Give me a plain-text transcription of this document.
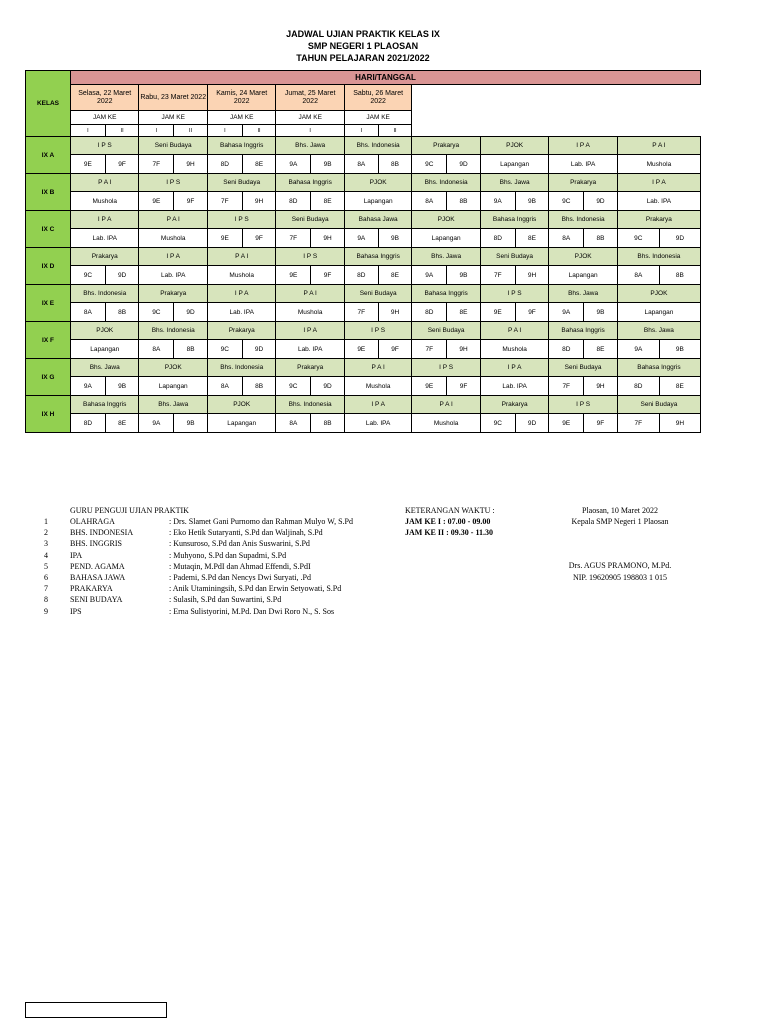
JADWAL UJIAN PRAKTIK KELAS IX
SMP NEGERI 1 PLAOSAN
TAHUN PELAJARAN 2021/2022
KELAS	HARI/TANGGAL																	
	Selasa, 22 Maret 2022		Rabu, 23 Maret 2022		Kamis, 24 Maret 2022		Jumat, 25 Maret 2022		Sabtu, 26 Maret 2022									
	JAM KE		JAM KE		JAM KE		JAM KE		JAM KE									
	I	II	I	II	I	II	I		I	II								
IX A	I P S		Seni Budaya		Bahasa Inggris		Bhs. Jawa		Bhs. Indonesia		Prakarya		PJOK		I P A		P A I	
	9E	9F	7F	9H	8D	8E	9A	9B	8A	8B	9C	9D	Lapangan		Lab. IPA		Mushola	
IX B	P A I		I P S		Seni Budaya		Bahasa Inggris		PJOK		Bhs. Indonesia		Bhs. Jawa		Prakarya		I P A	
	Mushola		9E	9F	7F	9H	8D	8E	Lapangan		8A	8B	9A	9B	9C	9D	Lab. IPA	
IX C	I P A		P A I		I P S		Seni Budaya		Bahasa Jawa		PJOK		Bahasa Inggris		Bhs. Indonesia		Prakarya	
	Lab. IPA		Mushola		9E	9F	7F	9H	9A	9B	Lapangan		8D	8E	8A	8B	9C	9D
IX D	Prakarya		I P A		P A I		I P S		Bahasa Inggris		Bhs. Jawa		Seni Budaya		PJOK		Bhs. Indonesia	
	9C	9D	Lab. IPA		Mushola		9E	9F	8D	8E	9A	9B	7F	9H	Lapangan		8A	8B
IX E	Bhs. Indonesia		Prakarya		I P A		P A I		Seni Budaya		Bahasa Inggris		I P S		Bhs. Jawa		PJOK	
	8A	8B	9C	9D	Lab. IPA		Mushola		7F	9H	8D	8E	9E	9F	9A	9B	Lapangan	
IX F	PJOK		Bhs. Indonesia		Prakarya		I P A		I P S		Seni Budaya		P A I		Bahasa Inggris		Bhs. Jawa	
	Lapangan		8A	8B	9C	9D	Lab. IPA		9E	9F	7F	9H	Mushola		8D	8E	9A	9B
IX G	Bhs. Jawa		PJOK		Bhs. Indonesia		Prakarya		P A I		I P S		I P A		Seni Budaya		Bahasa Inggris	
	9A	9B	Lapangan		8A	8B	9C	9D	Mushola		9E	9F	Lab. IPA		7F	9H	8D	8E
IX H	Bahasa Inggris		Bhs. Jawa		PJOK		Bhs. Indonesia		I P A		P A I		Prakarya		I P S		Seni Budaya	
	8D	8E	9A	9B	Lapangan		8A	8B	Lab. IPA		Mushola		9C	9D	9E	9F	7F	9H
GURU PENGUJI UJIAN PRAKTIK
1	OLAHRAGA	: Drs. Slamet Gani Purnomo dan Rahman Mulyo W, S.Pd
2	BHS. INDONESIA	: Eko Hetik Sutaryanti, S.Pd dan Waljinah, S.Pd
3	BHS. INGGRIS	: Kunsuroso, S.Pd dan Anis Suswarini, S.Pd
4	IPA	: Muhyono, S.Pd dan Supadmi, S.Pd
5	PEND. AGAMA	: Mutaqin, M.PdI dan Ahmad Effendi, S.PdI
6	BAHASA JAWA	: Pademi, S.Pd dan Nencys Dwi Suryati, .Pd
7	PRAKARYA	: Anik Utaminingsih, S.Pd dan Erwin Setyowati, S.Pd
8	SENI BUDAYA	: Sulasih, S.Pd dan Suwartini, S.Pd
9	IPS	: Erna Sulistyorini, M.Pd. Dan Dwi Roro N., S. Sos
KETERANGAN WAKTU :
JAM KE I : 07.00 - 09.00
JAM KE II : 09.30 - 11.30
Plaosan, 10 Maret 2022
Kepala SMP Negeri 1 Plaosan
Drs. AGUS PRAMONO, M.Pd.
NIP. 19620905 198803 1 015
